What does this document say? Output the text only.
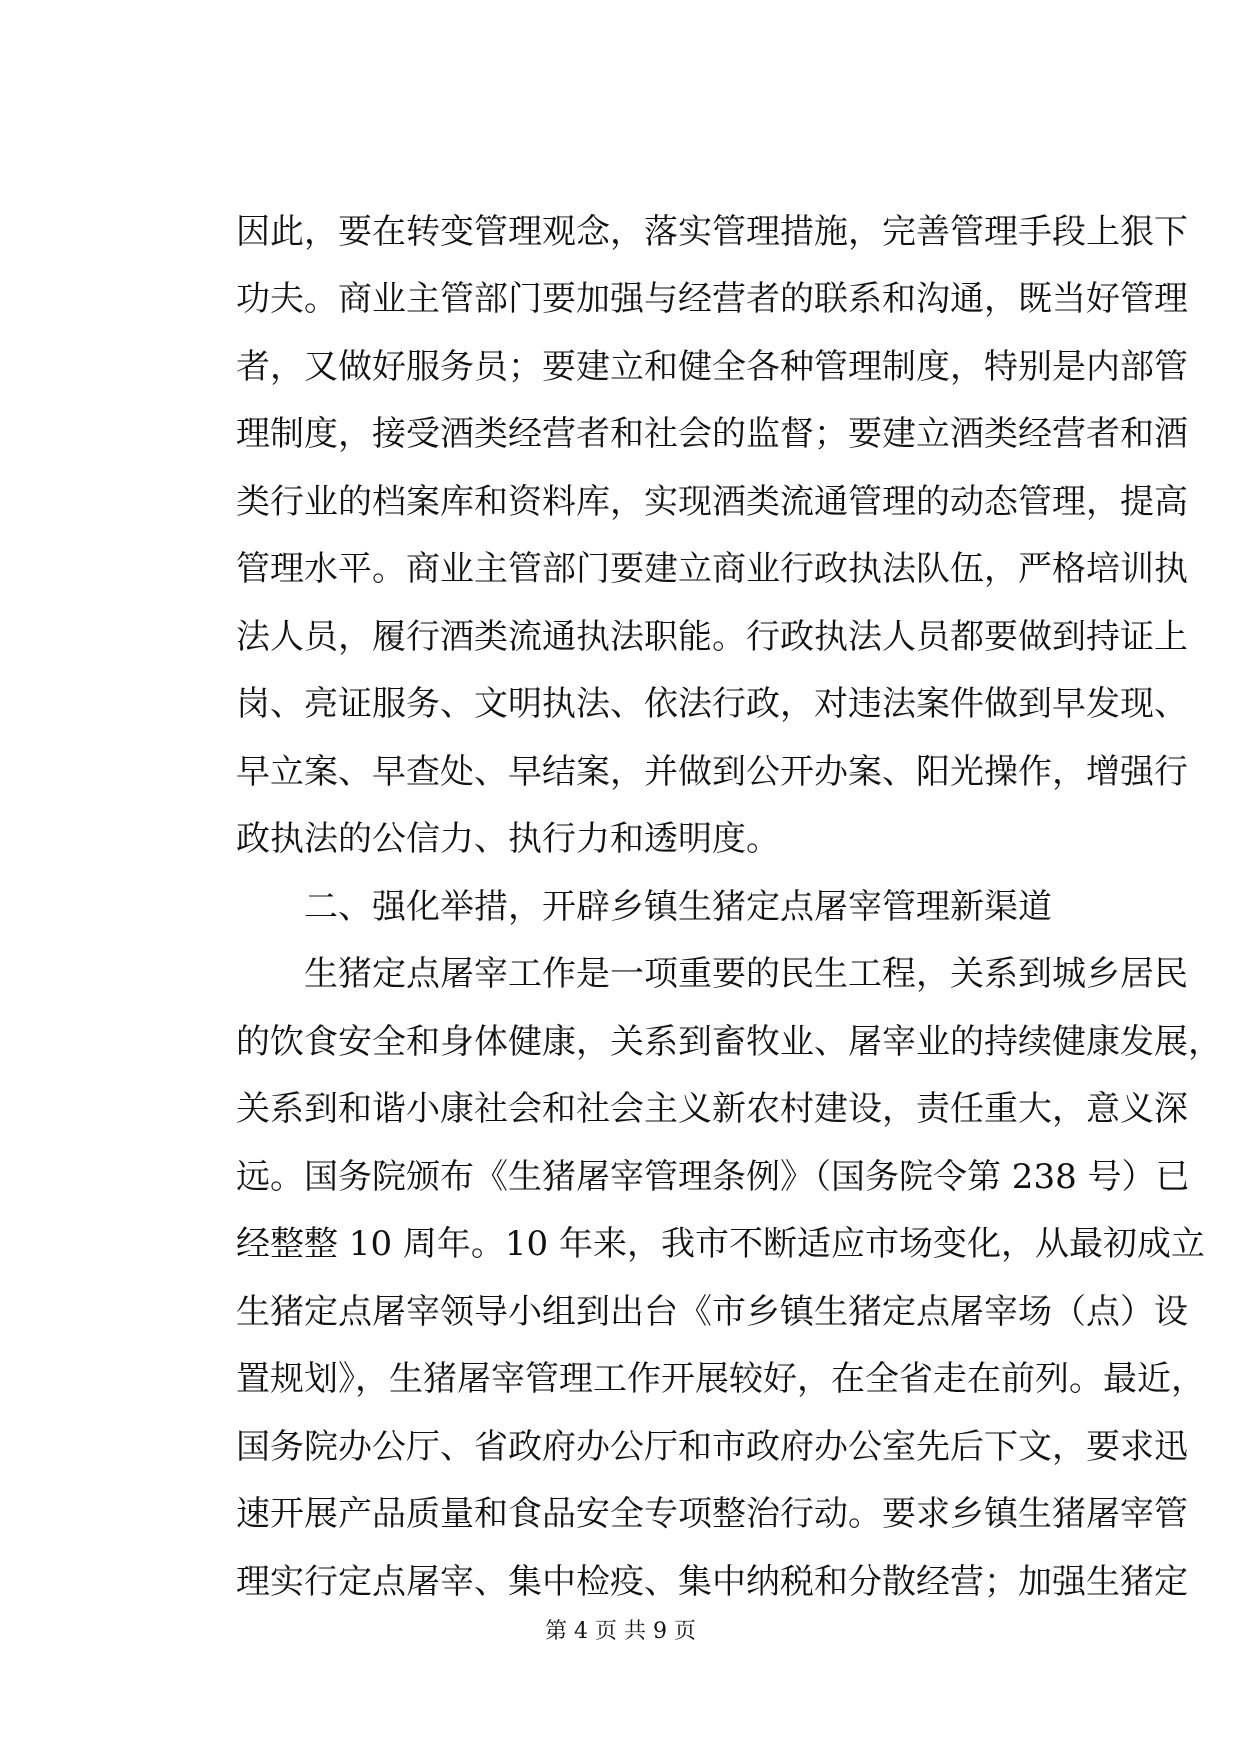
因此，要在转变管理观念，落实管理措施，完善管理手段上狠下
功夫。商业主管部门要加强与经营者的联系和沟通，既当好管理
者，又做好服务员；要建立和健全各种管理制度，特别是内部管
理制度，接受酒类经营者和社会的监督；要建立酒类经营者和酒
类行业的档案库和资料库，实现酒类流通管理的动态管理，提高
管理水平。商业主管部门要建立商业行政执法队伍，严格培训执
法人员，履行酒类流通执法职能。行政执法人员都要做到持证上
岗、亮证服务、文明执法、依法行政，对违法案件做到早发现、
早立案、早查处、早结案，并做到公开办案、阳光操作，增强行
政执法的公信力、执行力和透明度。
二、强化举措，开辟乡镇生猪定点屠宰管理新渠道
生猪定点屠宰工作是一项重要的民生工程，关系到城乡居民
的饮食安全和身体健康，关系到畜牧业、屠宰业的持续健康发展，
关系到和谐小康社会和社会主义新农村建设，责任重大，意义深
远。国务院颁布《生猪屠宰管理条例》（国务院令第 238 号）已
经整整 10 周年。10 年来，我市不断适应市场变化，从最初成立
生猪定点屠宰领导小组到出台《市乡镇生猪定点屠宰场（点）设
置规划》，生猪屠宰管理工作开展较好，在全省走在前列。最近，
国务院办公厅、省政府办公厅和市政府办公室先后下文，要求迅
速开展产品质量和食品安全专项整治行动。要求乡镇生猪屠宰管
理实行定点屠宰、集中检疫、集中纳税和分散经营；加强生猪定
第 4 页 共 9 页
